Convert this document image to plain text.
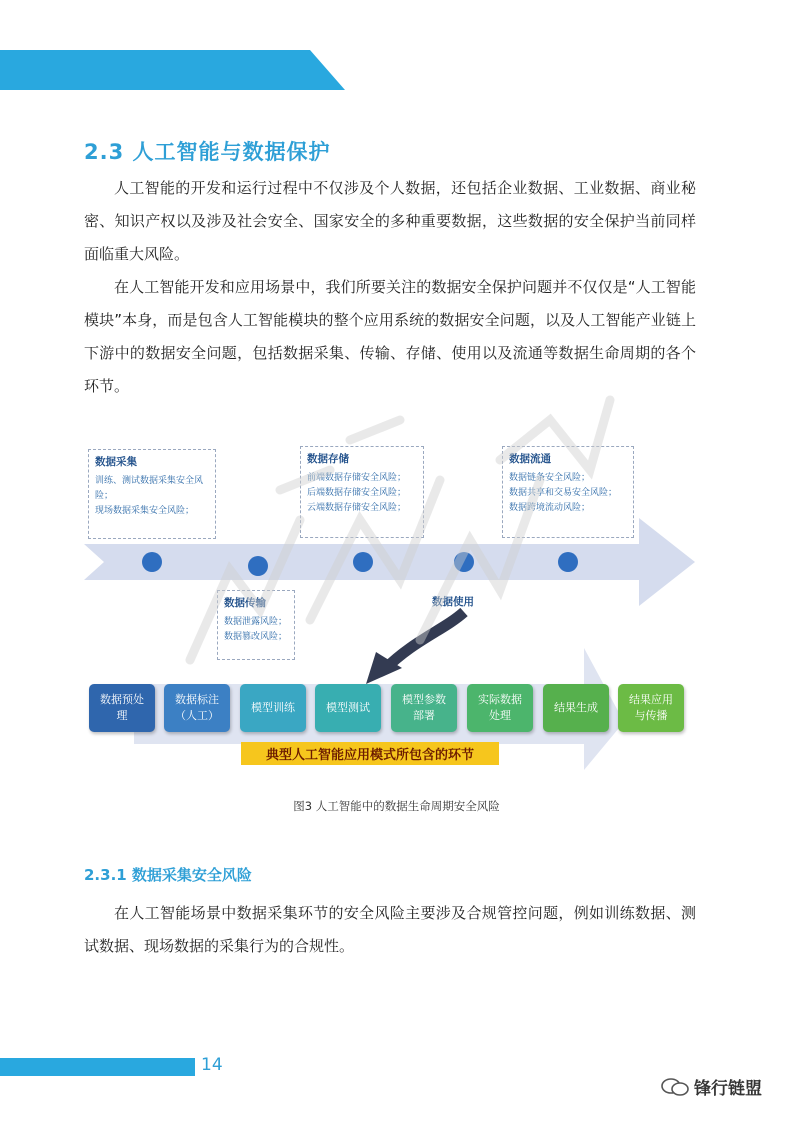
2.3 人工智能与数据保护

人工智能的开发和运行过程中不仅涉及个人数据，还包括企业数据、工业数据、商业秘密、知识产权以及涉及社会安全、国家安全的多种重要数据，这些数据的安全保护当前同样面临重大风险。

在人工智能开发和应用场景中，我们所要关注的数据安全保护问题并不仅仅是“人工智能模块”本身，而是包含人工智能模块的整个应用系统的数据安全问题，以及人工智能产业链上下游中的数据安全问题，包括数据采集、传输、存储、使用以及流通等数据生命周期的各个环节。

数据采集
训练、测试数据采集安全风险；
现场数据采集安全风险；
数据存储
前端数据存储安全风险；
后端数据存储安全风险；
云端数据存储安全风险；
数据流通
数据链条安全风险；
数据共享和交易安全风险；
数据跨境流动风险；
数据传输
数据泄露风险；
数据篡改风险；
数据使用
数据预处
理
数据标注
（人工）
模型训练	模型测试
模型参数
部署
实际数据
处理
结果生成
结果应用
与传播
典型人工智能应用模式所包含的环节
图3 人工智能中的数据生命周期安全风险
2.3.1 数据采集安全风险

在人工智能场景中数据采集环节的安全风险主要涉及合规管控问题，例如训练数据、测试数据、现场数据的采集行为的合规性。

14
锋行链盟
